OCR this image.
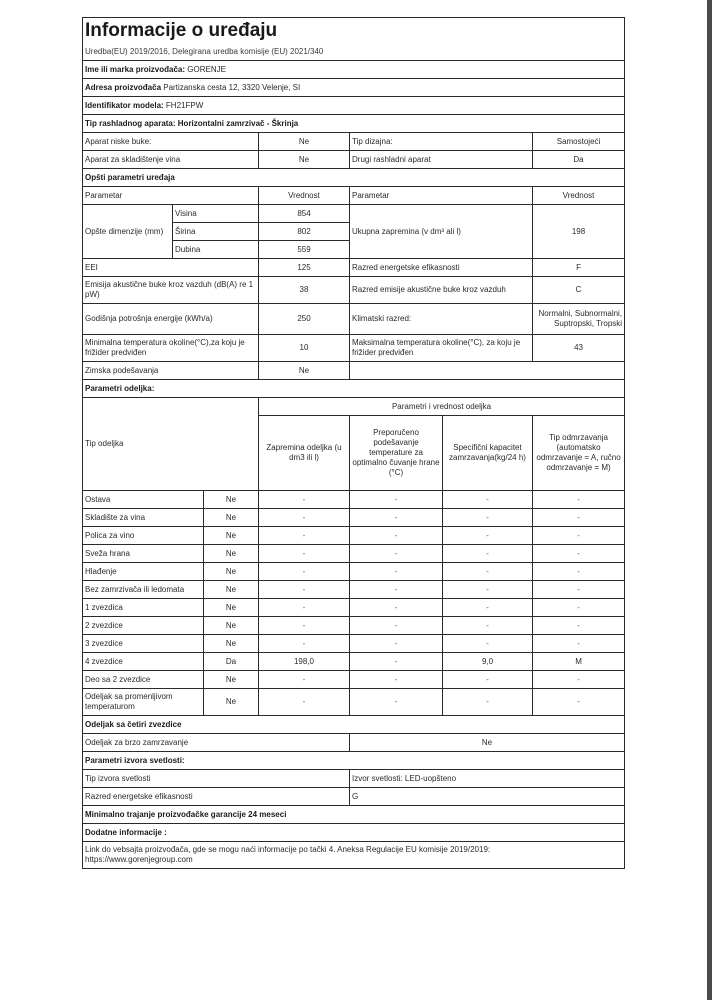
Informacije o uređaju						
Uredba(EU) 2019/2016, Delegirana uredba komisije (EU) 2021/340						
Ime ili marka proizvođača: GORENJE						
Adresa proizvođača Partizanska cesta 12, 3320 Velenje, SI						
Identifikator modela: FH21FPW						
Tip rashladnog aparata: Horizontalni zamrzivač - Škrinja						
Aparat niske buke:			Ne	Tip dizajna:		Samostojeći
Aparat za skladištenje vina			Ne	Drugi rashladni aparat		Da
Opšti parametri uređaja						
Parametar			Vrednost	Parametar		Vrednost
Opšte dimenzije (mm)	Visina		854	Ukupna zapremina (v dm³ ali l)		198
	Širina		802			
	Dubina		559			
EEI			125	Razred energetske efikasnosti		F
Emisija akustične buke kroz vazduh (dB(A) re 1 pW)			38	Razred emisije akustične buke kroz vazduh		C
Godišnja potrošnja energije (kWh/a)			250	Klimatski razred:		Normalni, Subnormalni, Suptropski, Tropski
Minimalna temperatura okoline(°C),za koju je frižider predviđen			10	Maksimalna temperatura okoline(°C), za koju je frižider predviđen		43
Zimska podešavanja			Ne			
Parametri odeljka:						
Tip odeljka			Parametri i vrednost odeljka			
			Zapremina odeljka (u dm3 ili l)	Preporučeno podešavanje temperature za optimalno čuvanje hrane (°C)	Specifični kapacitet zamrzavanja(kg/24 h)	Tip odmrzavanja (automatsko odmrzavanje = A, ručno odmrzavanje = M)
Ostava		Ne	-	-	-	-
Skladište za vina		Ne	-	-	-	-
Polica za vino		Ne	-	-	-	-
Sveža hrana		Ne	-	-	-	-
Hlađenje		Ne	-	-	-	-
Bez zamrzivača ili ledomata		Ne	-	-	-	-
1 zvezdica		Ne	-	-	-	-
2 zvezdice		Ne	-	-	-	-
3 zvezdice		Ne	-	-	-	-
4 zvezdice		Da	198,0	-	9,0	M
Deo sa 2 zvezdice		Ne	-	-	-	-
Odeljak sa promenljivom temperaturom		Ne	-	-	-	-
Odeljak sa četiri zvezdice						
Odeljak za brzo zamrzavanje				Ne		
Parametri izvora svetlosti:						
Tip izvora svetlosti				Izvor svetlosti: LED-uopšteno		
Razred energetske efikasnosti				G		
Minimalno trajanje proizvođačke garancije 24 meseci						
Dodatne informacije :						
Link do vebsajta proizvođača, gde se mogu naći informacije po tački 4. Aneksa Regulacije EU komisije 2019/2019:
https://www.gorenjegroup.com						
